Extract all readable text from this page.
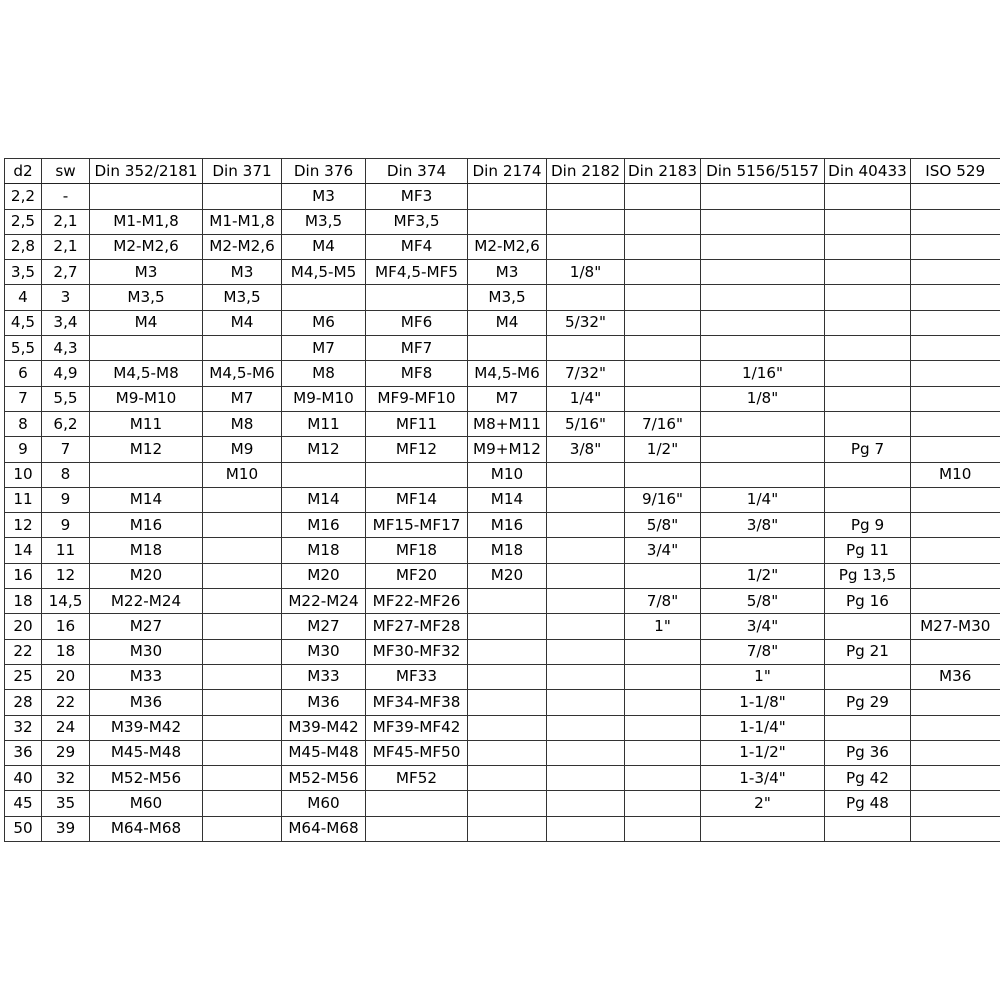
d2	sw	Din 352/2181	Din 371	Din 376	Din 374	Din 2174	Din 2182	Din 2183	Din 5156/5157	Din 40433	ISO 529
2,2	-			M3	MF3						
2,5	2,1	M1-M1,8	M1-M1,8	M3,5	MF3,5						
2,8	2,1	M2-M2,6	M2-M2,6	M4	MF4	M2-M2,6					
3,5	2,7	M3	M3	M4,5-M5	MF4,5-MF5	M3	1/8"				
4	3	M3,5	M3,5			M3,5					
4,5	3,4	M4	M4	M6	MF6	M4	5/32"				
5,5	4,3			M7	MF7						
6	4,9	M4,5-M8	M4,5-M6	M8	MF8	M4,5-M6	7/32"		1/16"		
7	5,5	M9-M10	M7	M9-M10	MF9-MF10	M7	1/4"		1/8"		
8	6,2	M11	M8	M11	MF11	M8+M11	5/16"	7/16"			
9	7	M12	M9	M12	MF12	M9+M12	3/8"	1/2"		Pg 7	
10	8		M10			M10					M10
11	9	M14		M14	MF14	M14		9/16"	1/4"		
12	9	M16		M16	MF15-MF17	M16		5/8"	3/8"	Pg 9	
14	11	M18		M18	MF18	M18		3/4"		Pg 11	
16	12	M20		M20	MF20	M20			1/2"	Pg 13,5	
18	14,5	M22-M24		M22-M24	MF22-MF26			7/8"	5/8"	Pg 16	
20	16	M27		M27	MF27-MF28			1"	3/4"		M27-M30
22	18	M30		M30	MF30-MF32				7/8"	Pg 21	
25	20	M33		M33	MF33				1"		M36
28	22	M36		M36	MF34-MF38				1-1/8"	Pg 29	
32	24	M39-M42		M39-M42	MF39-MF42				1-1/4"		
36	29	M45-M48		M45-M48	MF45-MF50				1-1/2"	Pg 36	
40	32	M52-M56		M52-M56	MF52				1-3/4"	Pg 42	
45	35	M60		M60					2"	Pg 48	
50	39	M64-M68		M64-M68							
